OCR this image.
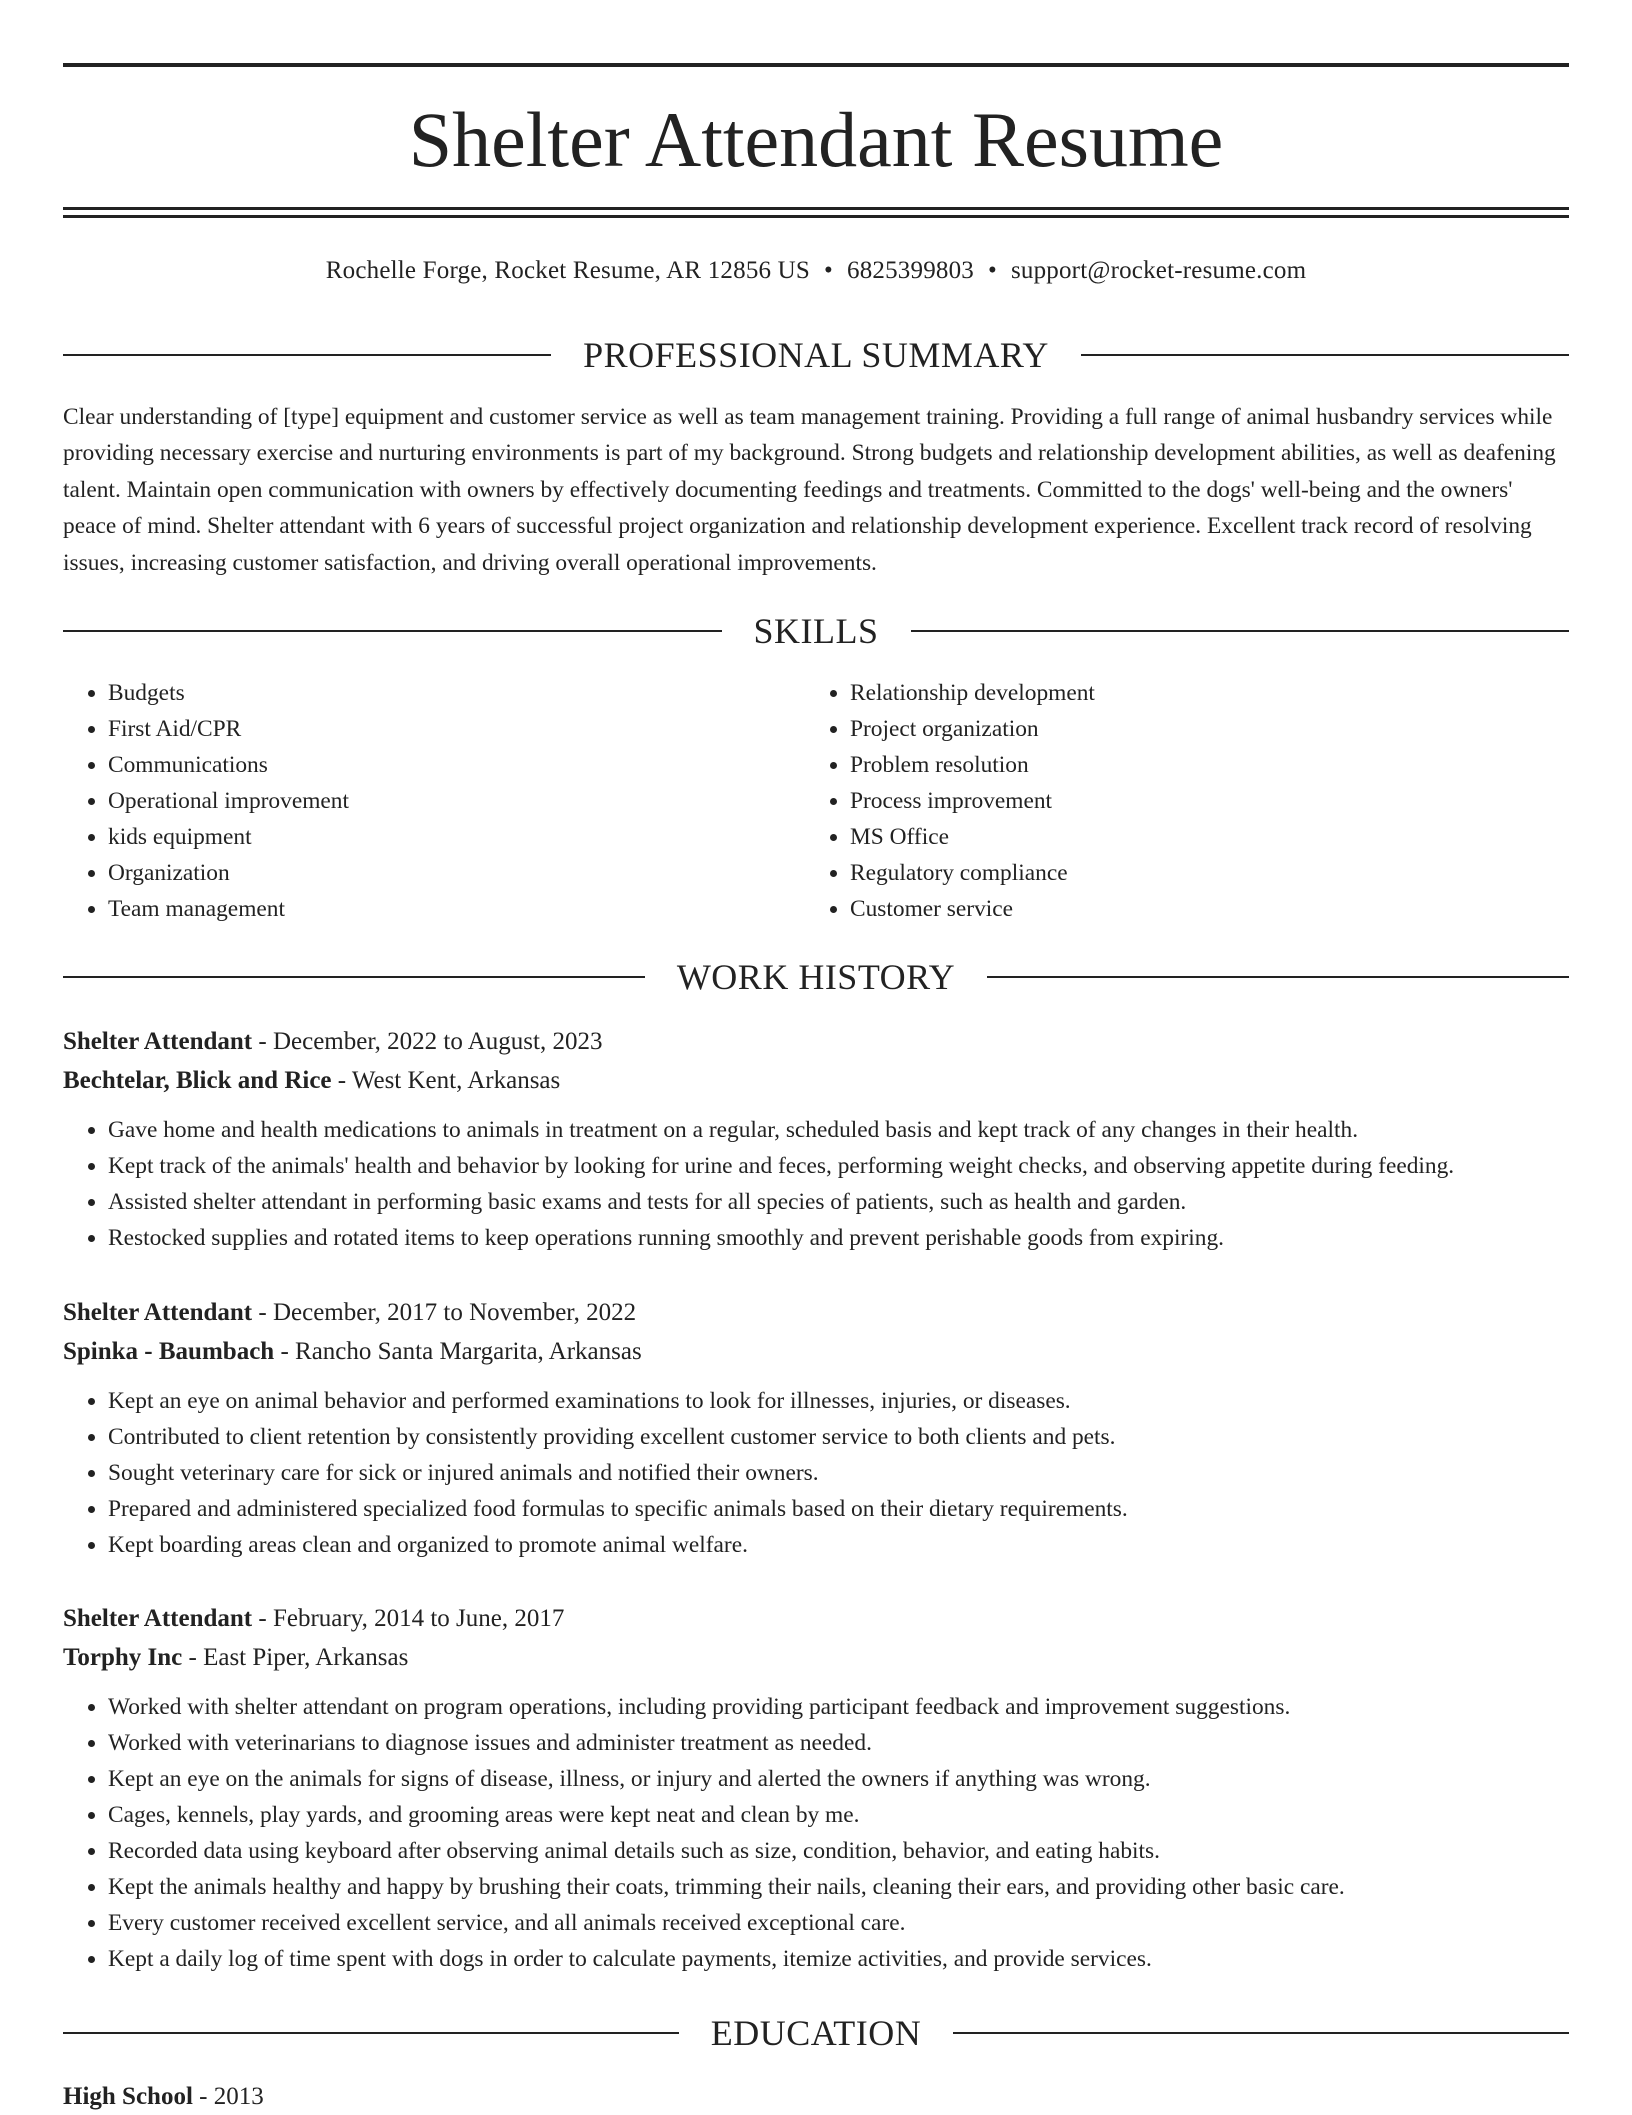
Shelter Attendant Resume
Rochelle Forge, Rocket Resume, AR 12856 US • 6825399803 • support@rocket-resume.com
PROFESSIONAL SUMMARY

Clear understanding of [type] equipment and customer service as well as team management training. Providing a full range of animal husbandry services while providing necessary exercise and nurturing environments is part of my background. Strong budgets and relationship development abilities, as well as deafening talent. Maintain open communication with owners by effectively documenting feedings and treatments. Committed to the dogs' well-being and the owners' peace of mind. Shelter attendant with 6 years of successful project organization and relationship development experience. Excellent track record of resolving issues, increasing customer satisfaction, and driving overall operational improvements.

SKILLS
• Budgets
• First Aid/CPR
• Communications
• Operational improvement
• kids equipment
• Organization
• Team management
• Relationship development
• Project organization
• Problem resolution
• Process improvement
• MS Office
• Regulatory compliance
• Customer service
WORK HISTORY
Shelter Attendant - December, 2022 to August, 2023
Bechtelar, Blick and Rice - West Kent, Arkansas
• Gave home and health medications to animals in treatment on a regular, scheduled basis and kept track of any changes in their health.
• Kept track of the animals' health and behavior by looking for urine and feces, performing weight checks, and observing appetite during feeding.
• Assisted shelter attendant in performing basic exams and tests for all species of patients, such as health and garden.
• Restocked supplies and rotated items to keep operations running smoothly and prevent perishable goods from expiring.
Shelter Attendant - December, 2017 to November, 2022
Spinka - Baumbach - Rancho Santa Margarita, Arkansas
• Kept an eye on animal behavior and performed examinations to look for illnesses, injuries, or diseases.
• Contributed to client retention by consistently providing excellent customer service to both clients and pets.
• Sought veterinary care for sick or injured animals and notified their owners.
• Prepared and administered specialized food formulas to specific animals based on their dietary requirements.
• Kept boarding areas clean and organized to promote animal welfare.
Shelter Attendant - February, 2014 to June, 2017
Torphy Inc - East Piper, Arkansas
• Worked with shelter attendant on program operations, including providing participant feedback and improvement suggestions.
• Worked with veterinarians to diagnose issues and administer treatment as needed.
• Kept an eye on the animals for signs of disease, illness, or injury and alerted the owners if anything was wrong.
• Cages, kennels, play yards, and grooming areas were kept neat and clean by me.
• Recorded data using keyboard after observing animal details such as size, condition, behavior, and eating habits.
• Kept the animals healthy and happy by brushing their coats, trimming their nails, cleaning their ears, and providing other basic care.
• Every customer received excellent service, and all animals received exceptional care.
• Kept a daily log of time spent with dogs in order to calculate payments, itemize activities, and provide services.
EDUCATION
High School - 2013
